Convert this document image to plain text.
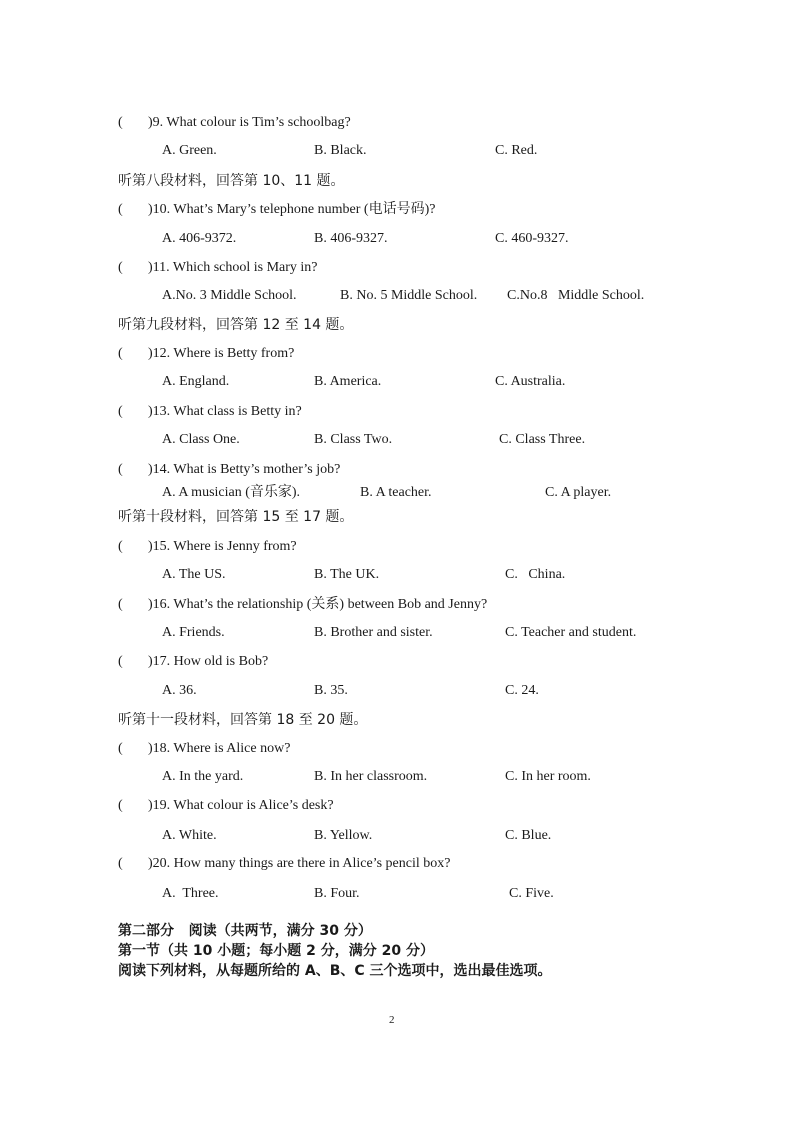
( )9. What colour is Tim’s schoolbag?
A. Green.	B. Black.	C. Red.
听第八段材料，回答第 10、11 题。
( )10. What’s Mary’s telephone number (电话号码)?
A. 406-9372.	B. 406-9327.	C. 460-9327.
( )11. Which school is Mary in?
A.No. 3 Middle School.	B. No. 5 Middle School. C.No.8   Middle School.
听第九段材料，回答第 12 至 14 题。
( )12. Where is Betty from?
A. England.	B. America.	C. Australia.
( )13. What class is Betty in?
A. Class One.	B. Class Two.	C. Class Three.
( )14. What is Betty’s mother’s job?
A. A musician (音乐家).	B. A teacher.	C. A player.
听第十段材料，回答第 15 至 17 题。
( )15. Where is Jenny from?
A. The US.	B. The UK.	C.   China.
( )16. What’s the relationship (关系) between Bob and Jenny?
A. Friends.	B. Brother and sister.	C. Teacher and student.
( )17. How old is Bob?
A. 36.	B. 35.	C. 24.
听第十一段材料，回答第 18 至 20 题。
( )18. Where is Alice now?
A. In the yard.	B. In her classroom.	C. In her room.
( )19. What colour is Alice’s desk?
A. White.	B. Yellow.	C. Blue.
( )20. How many things are there in Alice’s pencil box?
A.  Three.	B. Four.	C. Five.
第二部分   阅读（共两节，满分 30 分）
第一节（共 10 小题；每小题 2 分，满分 20 分）
阅读下列材料，从每题所给的 A、B、C 三个选项中，选出最佳选项。
2
